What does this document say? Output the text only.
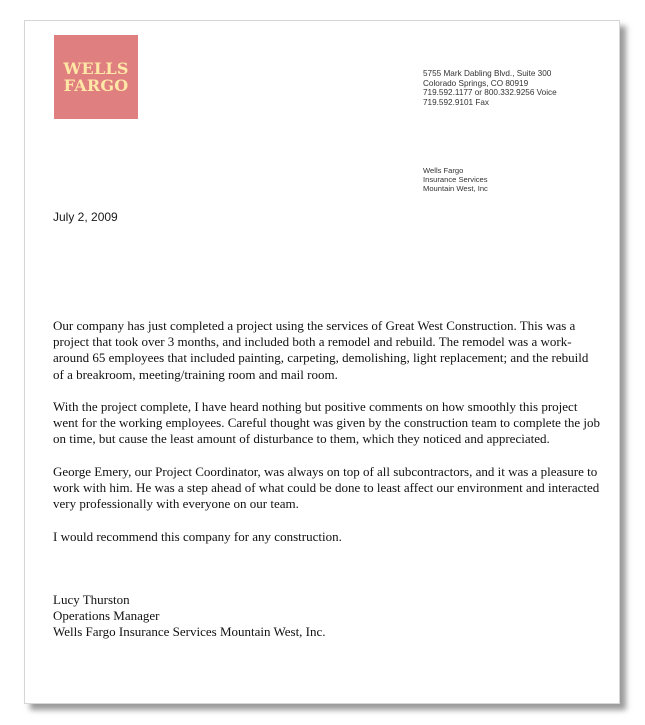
WELLS
FARGO
5755 Mark Dabling Blvd., Suite 300
Colorado Springs, CO 80919
719.592.1177 or 800.332.9256 Voice
719.592.9101 Fax
Wells Fargo
Insurance Services
Mountain West, Inc
July 2, 2009

Our company has just completed a project using the services of Great West Construction. This was a project that took over 3 months, and included both a remodel and rebuild. The remodel was a work-around 65 employees that included painting, carpeting, demolishing, light replacement; and the rebuild of a breakroom, meeting/training room and mail room.

With the project complete, I have heard nothing but positive comments on how smoothly this project went for the working employees. Careful thought was given by the construction team to complete the job on time, but cause the least amount of disturbance to them, which they noticed and appreciated.

George Emery, our Project Coordinator, was always on top of all subcontractors, and it was a pleasure to work with him. He was a step ahead of what could be done to least affect our environment and interacted very professionally with everyone on our team.

I would recommend this company for any construction.

Lucy Thurston
Operations Manager
Wells Fargo Insurance Services Mountain West, Inc.
